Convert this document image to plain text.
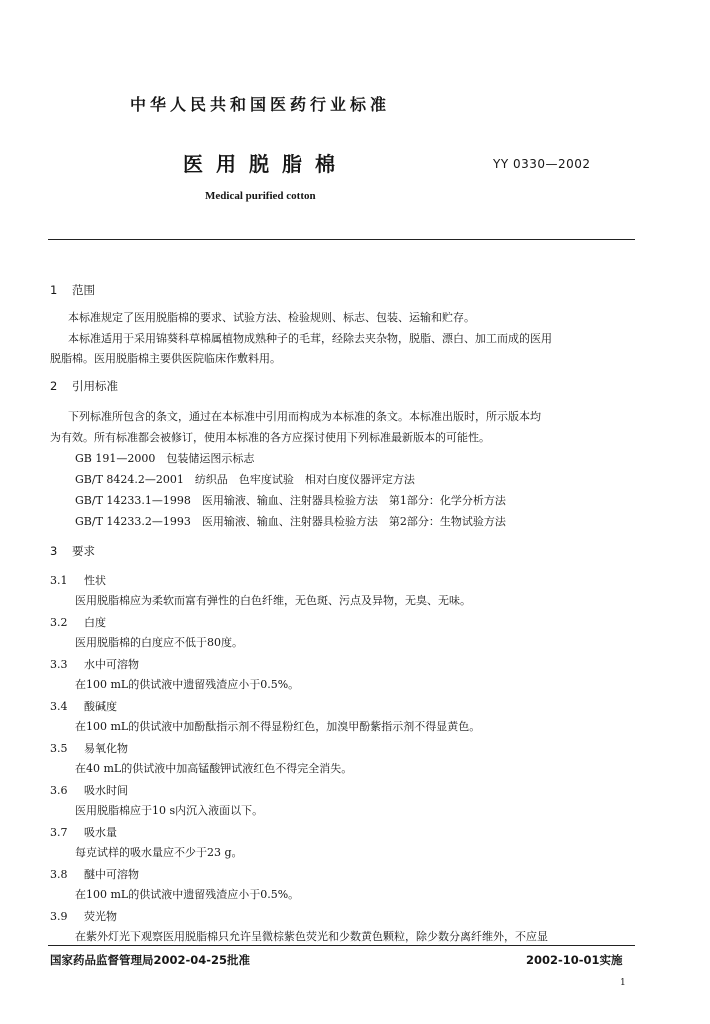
中华人民共和国医药行业标准
医用脱脂棉	YY 0330—2002
Medical purified cotton
1 范围
本标准规定了医用脱脂棉的要求、试验方法、检验规则、标志、包装、运输和贮存。
本标准适用于采用锦葵科草棉属植物成熟种子的毛茸，经除去夹杂物，脱脂、漂白、加工而成的医用
脱脂棉。医用脱脂棉主要供医院临床作敷料用。
2 引用标准
下列标准所包含的条文，通过在本标准中引用而构成为本标准的条文。本标准出版时，所示版本均
为有效。所有标准都会被修订，使用本标准的各方应探讨使用下列标准最新版本的可能性。
GB 191—2000　包装储运图示标志
GB/T 8424.2—2001　纺织品　色牢度试验　相对白度仪器评定方法
GB/T 14233.1—1998　医用输液、输血、注射器具检验方法　第1部分：化学分析方法
GB/T 14233.2—1993　医用输液、输血、注射器具检验方法　第2部分：生物试验方法
3 要求
3.1 性状
医用脱脂棉应为柔软而富有弹性的白色纤维，无色斑、污点及异物，无臭、无味。
3.2 白度
医用脱脂棉的白度应不低于80度。
3.3 水中可溶物
在100 mL的供试液中遗留残渣应小于0.5%。
3.4 酸碱度
在100 mL的供试液中加酚酞指示剂不得显粉红色，加溴甲酚紫指示剂不得显黄色。
3.5 易氧化物
在40 mL的供试液中加高锰酸钾试液红色不得完全消失。
3.6 吸水时间
医用脱脂棉应于10 s内沉入液面以下。
3.7 吸水量
每克试样的吸水量应不少于23 g。
3.8 醚中可溶物
在100 mL的供试液中遗留残渣应小于0.5%。
3.9 荧光物
在紫外灯光下观察医用脱脂棉只允许呈微棕紫色荧光和少数黄色颗粒，除少数分离纤维外，不应显
国家药品监督管理局2002-04-25批准	2002-10-01实施
1
